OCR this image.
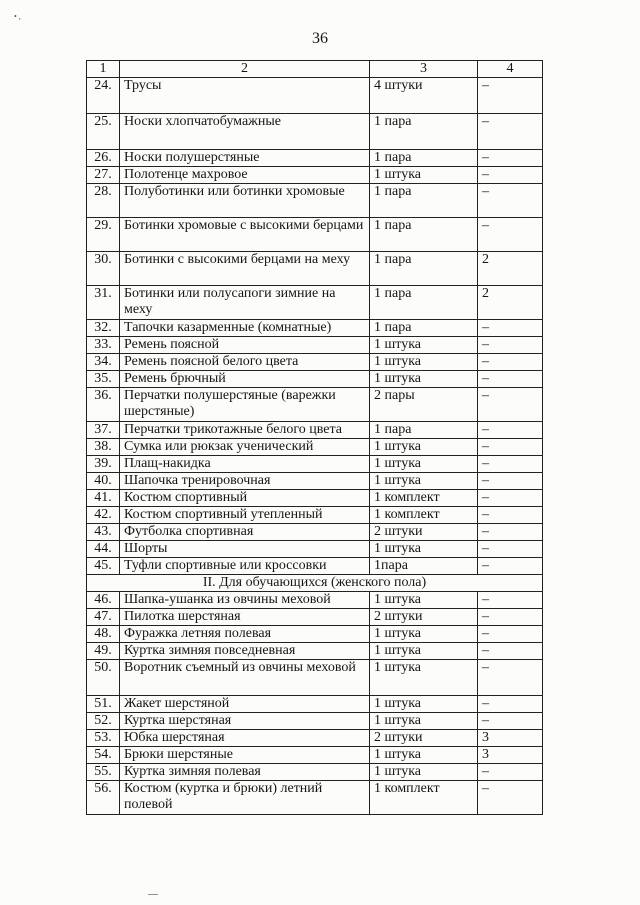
• ,
36
1	2	3	4
24.	Трусы	4 штуки	–
25.	Носки хлопчатобумажные	1 пара	–
26.	Носки полушерстяные	1 пара	–
27.	Полотенце махровое	1 штука	–
28.	Полуботинки или ботинки хромовые	1 пара	–
29.	Ботинки хромовые с высокими берцами	1 пара	–
30.	Ботинки с высокими берцами на меху	1 пара	2
31.	Ботинки или полусапоги зимние на меху	1 пара	2
32.	Тапочки казарменные (комнатные)	1 пара	–
33.	Ремень поясной	1 штука	–
34.	Ремень поясной белого цвета	1 штука	–
35.	Ремень брючный	1 штука	–
36.	Перчатки полушерстяные (варежки шерстяные)	2 пары	–
37.	Перчатки трикотажные белого цвета	1 пара	–
38.	Сумка или рюкзак ученический	1 штука	–
39.	Плащ-накидка	1 штука	–
40.	Шапочка тренировочная	1 штука	–
41.	Костюм спортивный	1 комплект	–
42.	Костюм спортивный утепленный	1 комплект	–
43.	Футболка спортивная	2 штуки	–
44.	Шорты	1 штука	–
45.	Туфли спортивные или кроссовки	1пара	–
II. Для обучающихся (женского пола)			
46.	Шапка-ушанка из овчины меховой	1 штука	–
47.	Пилотка шерстяная	2 штуки	–
48.	Фуражка летняя полевая	1 штука	–
49.	Куртка зимняя повседневная	1 штука	–
50.	Воротник съемный из овчины меховой	1 штука	–
51.	Жакет шерстяной	1 штука	–
52.	Куртка шерстяная	1 штука	–
53.	Юбка шерстяная	2 штуки	3
54.	Брюки шерстяные	1 штука	3
55.	Куртка зимняя полевая	1 штука	–
56.	Костюм (куртка и брюки) летний полевой	1 комплект	–
—
